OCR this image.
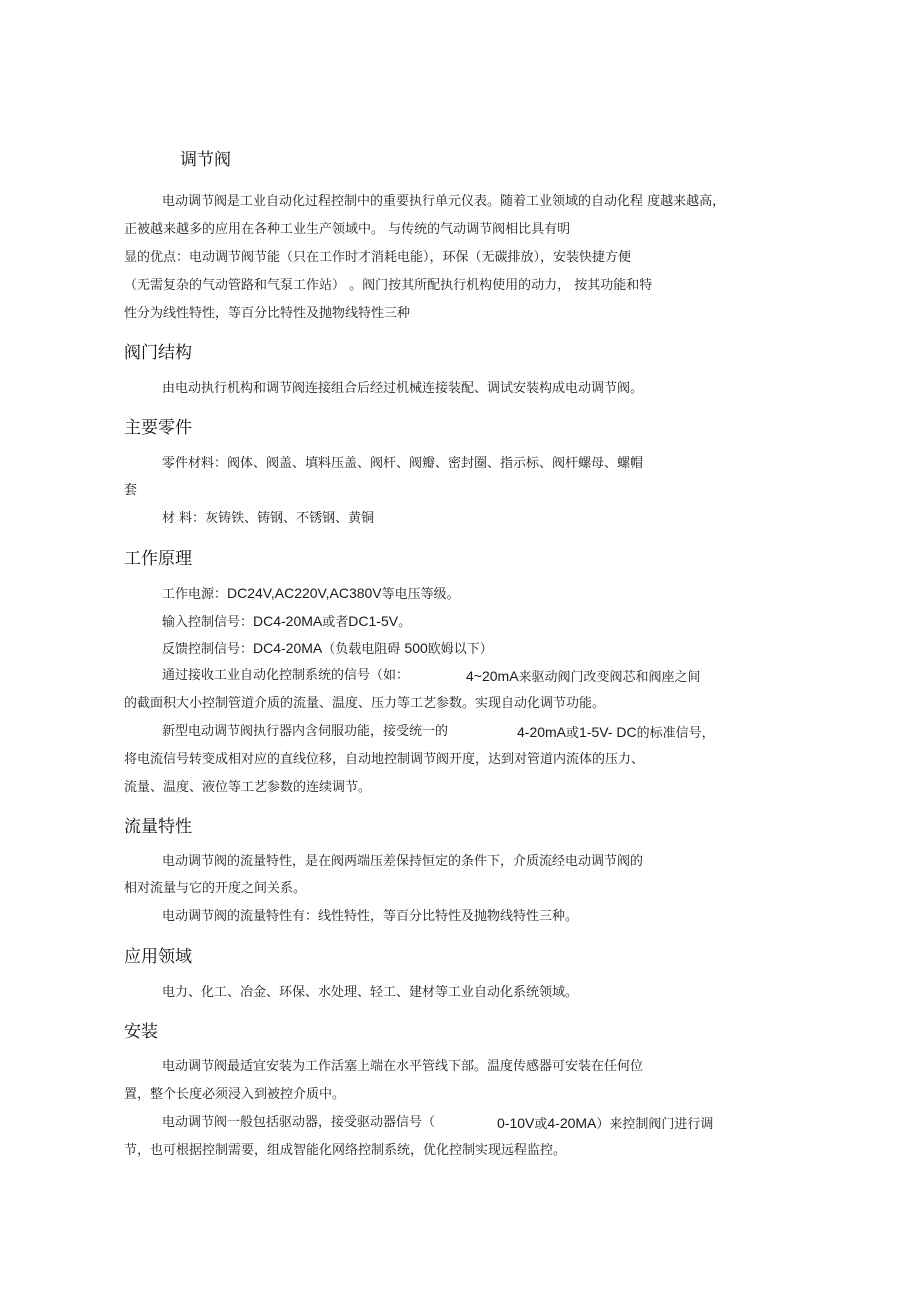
调节阀
电动调节阀是工业自动化过程控制中的重要执行单元仪表。随着工业领域的自动化程 度越来越高，
正被越来越多的应用在各种工业生产领域中。 与传统的气动调节阀相比具有明
显的优点：电动调节阀节能（只在工作时才消耗电能），环保（无碳排放），安装快捷方便
（无需复杂的气动管路和气泵工作站） 。阀门按其所配执行机构使用的动力， 按其功能和特
性分为线性特性，等百分比特性及抛物线特性三种
阀门结构
由电动执行机构和调节阀连接组合后经过机械连接装配、调试安装构成电动调节阀。
主要零件
零件材料：阀体、阀盖、填料压盖、阀杆、阀瓣、密封圈、指示标、阀杆螺母、螺帽
套
材 料：灰铸铁、铸钢、不锈钢、黄铜
工作原理
工作电源：DC24V,AC220V,AC380V等电压等级。
输入控制信号：DC4-20MA或者DC1-5V。
反馈控制信号：DC4-20MA（负载电阻碍 500欧姆以下）
通过接收工业自动化控制系统的信号（如：	4~20mA来驱动阀门改变阀芯和阀座之间
的截面积大小控制管道介质的流量、温度、压力等工艺参数。实现自动化调节功能。
新型电动调节阀执行器内含伺服功能，接受统一的	4-20mA或1-5V- DC的标准信号，
将电流信号转变成相对应的直线位移，自动地控制调节阀开度，达到对管道内流体的压力、
流量、温度、液位等工艺参数的连续调节。
流量特性
电动调节阀的流量特性，是在阀两端压差保持恒定的条件下，介质流经电动调节阀的
相对流量与它的开度之间关系。
电动调节阀的流量特性有：线性特性，等百分比特性及抛物线特性三种。
应用领域
电力、化工、冶金、环保、水处理、轻工、建材等工业自动化系统领域。
安装
电动调节阀最适宜安装为工作活塞上端在水平管线下部。温度传感器可安装在任何位
置，整个长度必须浸入到被控介质中。
电动调节阀一般包括驱动器，接受驱动器信号（	0-10V或4-20MA）来控制阀门进行调
节，也可根据控制需要，组成智能化网络控制系统，优化控制实现远程监控。
